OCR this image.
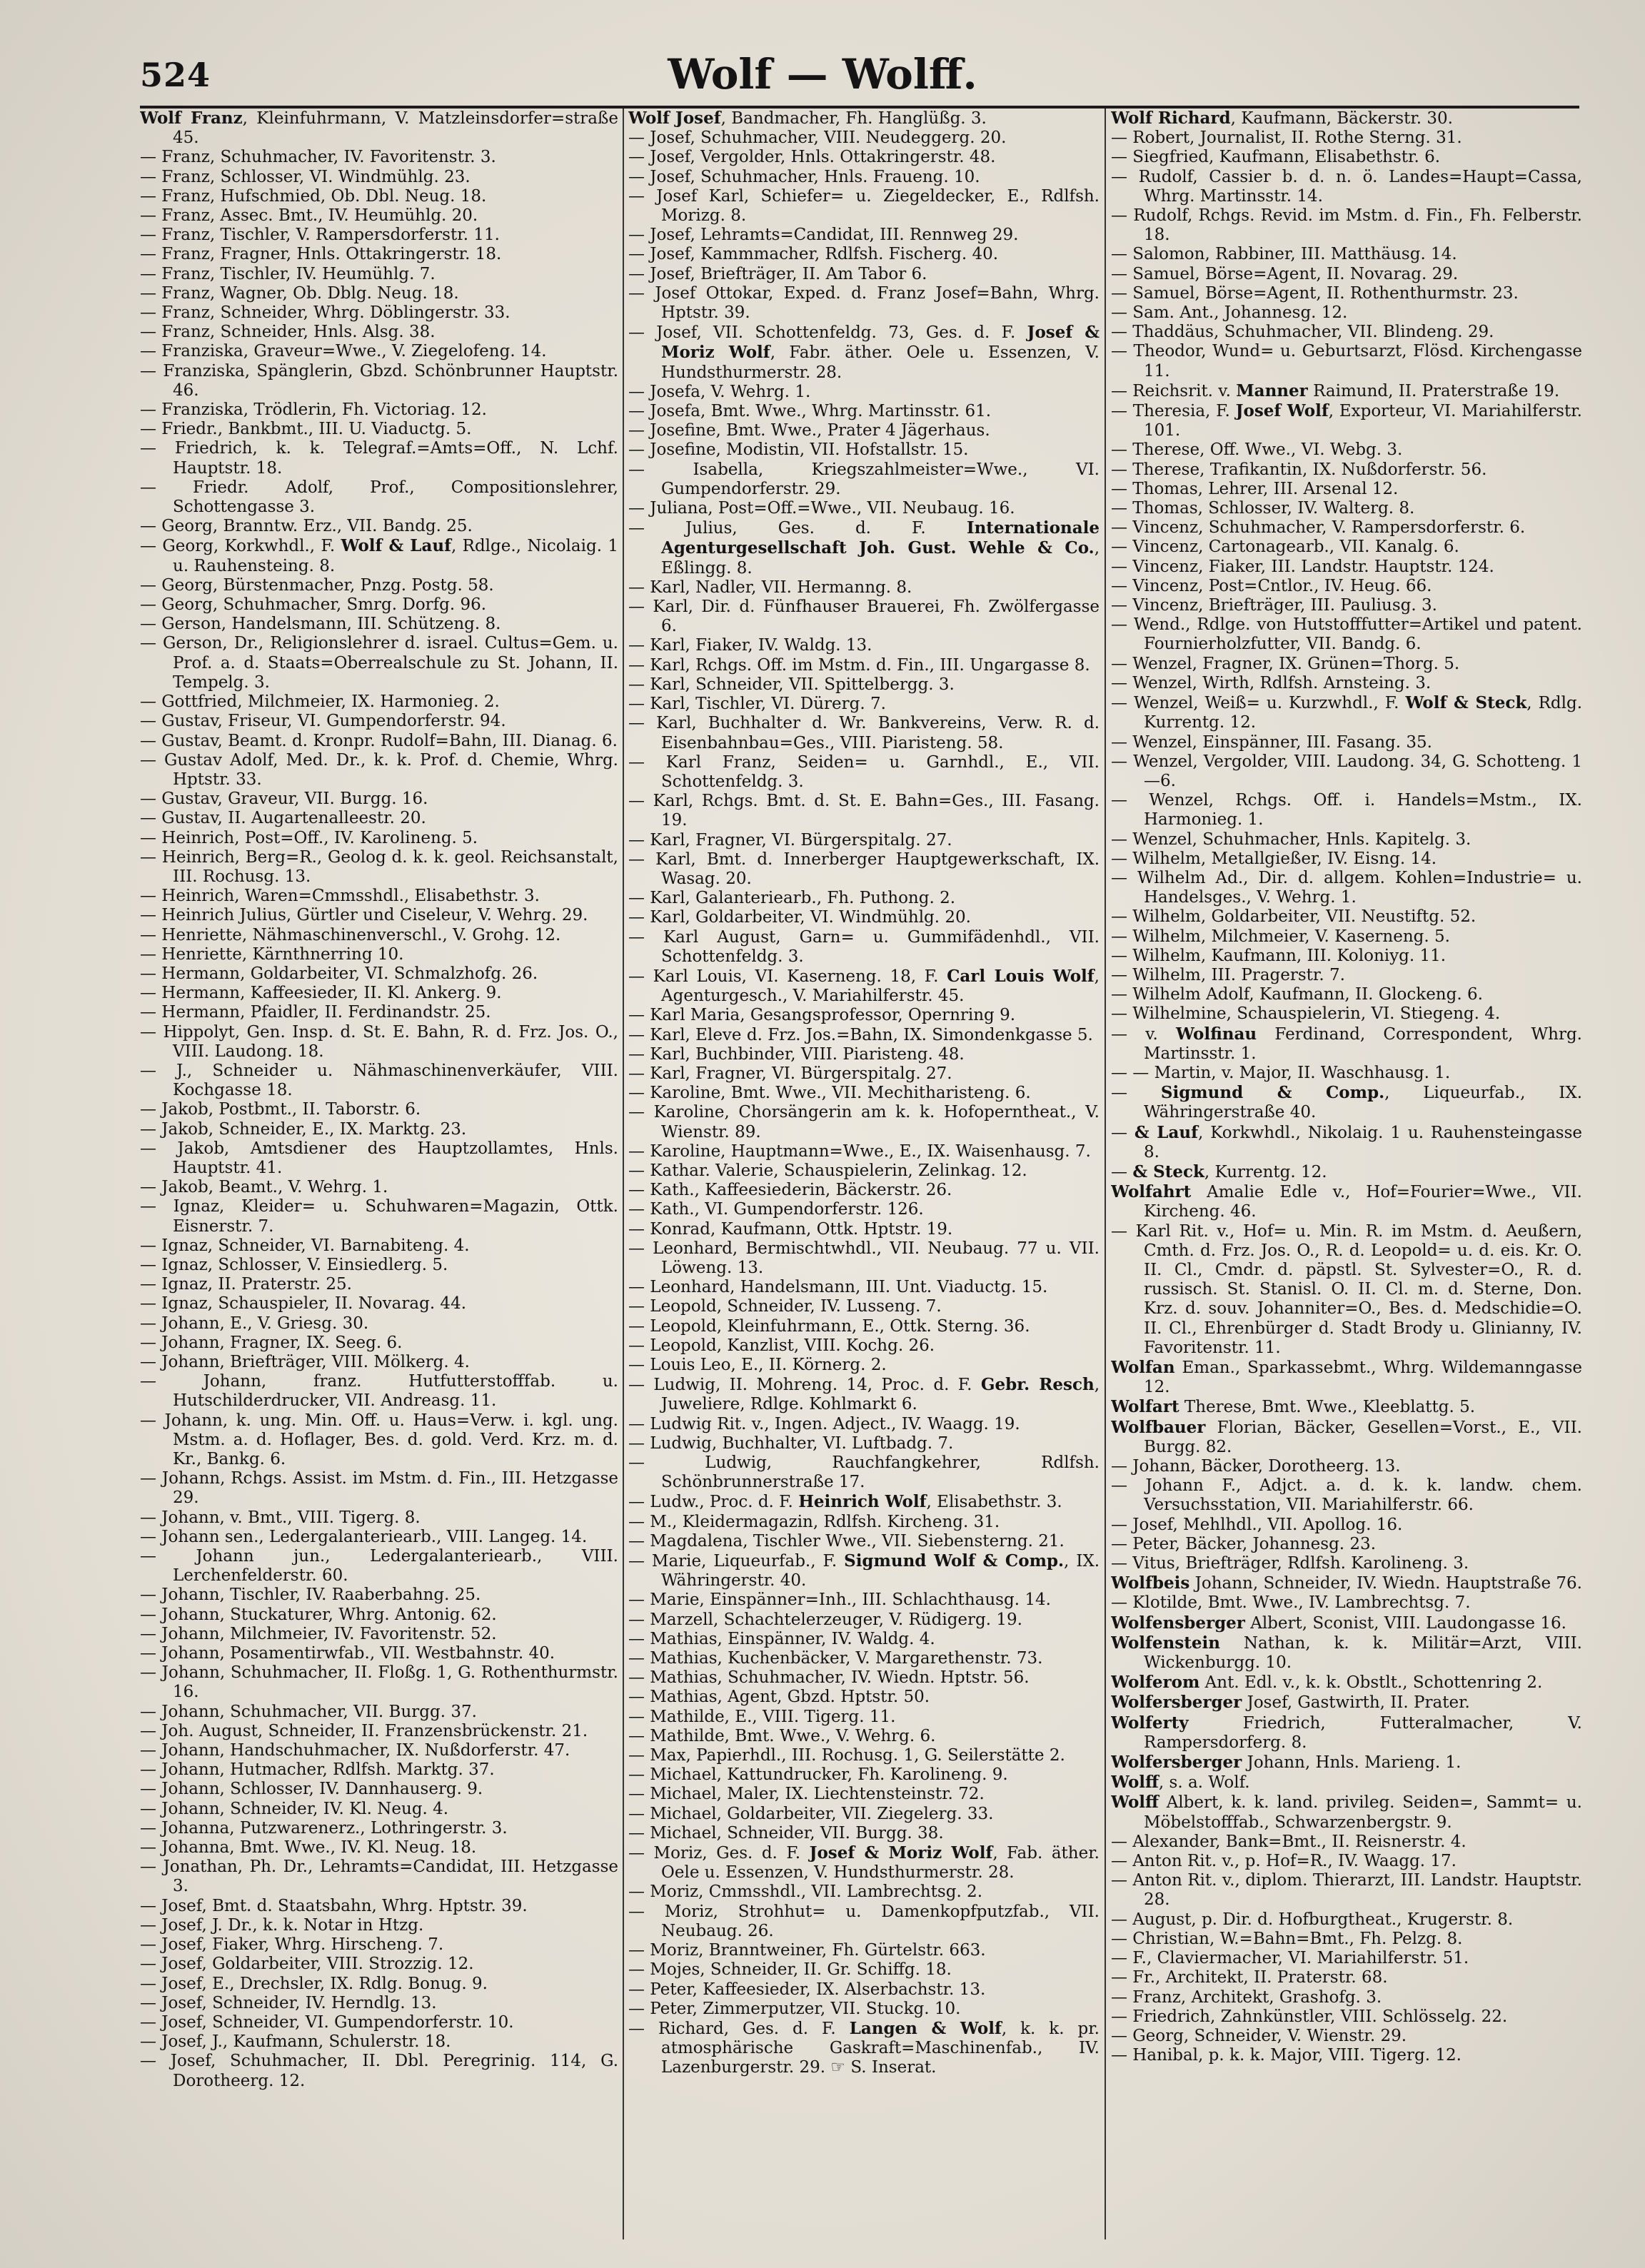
524	Wolf — Wolff.
Wolf Franz, Kleinfuhrmann, V. Matzleinsdorfer=straße 45.
— Franz, Schuhmacher, IV. Favoritenstr. 3.
— Franz, Schlosser, VI. Windmühlg. 23.
— Franz, Hufschmied, Ob. Dbl. Neug. 18.
— Franz, Assec. Bmt., IV. Heumühlg. 20.
— Franz, Tischler, V. Rampersdorferstr. 11.
— Franz, Fragner, Hnls. Ottakringerstr. 18.
— Franz, Tischler, IV. Heumühlg. 7.
— Franz, Wagner, Ob. Dblg. Neug. 18.
— Franz, Schneider, Whrg. Döblingerstr. 33.
— Franz, Schneider, Hnls. Alsg. 38.
— Franziska, Graveur=Wwe., V. Ziegelofeng. 14.
— Franziska, Spänglerin, Gbzd. Schönbrunner Hauptstr. 46.
— Franziska, Trödlerin, Fh. Victoriag. 12.
— Friedr., Bankbmt., III. U. Viaductg. 5.
— Friedrich, k. k. Telegraf.=Amts=Off., N. Lchf. Hauptstr. 18.
— Friedr. Adolf, Prof., Compositionslehrer, Schottengasse 3.
— Georg, Branntw. Erz., VII. Bandg. 25.
— Georg, Korkwhdl., F. Wolf & Lauf, Rdlge., Nicolaig. 1 u. Rauhensteing. 8.
— Georg, Bürstenmacher, Pnzg. Postg. 58.
— Georg, Schuhmacher, Smrg. Dorfg. 96.
— Gerson, Handelsmann, III. Schützeng. 8.
— Gerson, Dr., Religionslehrer d. israel. Cultus=Gem. u. Prof. a. d. Staats=Oberrealschule zu St. Johann, II. Tempelg. 3.
— Gottfried, Milchmeier, IX. Harmonieg. 2.
— Gustav, Friseur, VI. Gumpendorferstr. 94.
— Gustav, Beamt. d. Kronpr. Rudolf=Bahn, III. Dianag. 6.
— Gustav Adolf, Med. Dr., k. k. Prof. d. Chemie, Whrg. Hptstr. 33.
— Gustav, Graveur, VII. Burgg. 16.
— Gustav, II. Augartenalleestr. 20.
— Heinrich, Post=Off., IV. Karolineng. 5.
— Heinrich, Berg=R., Geolog d. k. k. geol. Reichsanstalt, III. Rochusg. 13.
— Heinrich, Waren=Cmmsshdl., Elisabethstr. 3.
— Heinrich Julius, Gürtler und Ciseleur, V. Wehrg. 29.
— Henriette, Nähmaschinenverschl., V. Grohg. 12.
— Henriette, Kärnthnerring 10.
— Hermann, Goldarbeiter, VI. Schmalzhofg. 26.
— Hermann, Kaffeesieder, II. Kl. Ankerg. 9.
— Hermann, Pfaidler, II. Ferdinandstr. 25.
— Hippolyt, Gen. Insp. d. St. E. Bahn, R. d. Frz. Jos. O., VIII. Laudong. 18.
— J., Schneider u. Nähmaschinenverkäufer, VIII. Kochgasse 18.
— Jakob, Postbmt., II. Taborstr. 6.
— Jakob, Schneider, E., IX. Marktg. 23.
— Jakob, Amtsdiener des Hauptzollamtes, Hnls. Hauptstr. 41.
— Jakob, Beamt., V. Wehrg. 1.
— Ignaz, Kleider= u. Schuhwaren=Magazin, Ottk. Eisnerstr. 7.
— Ignaz, Schneider, VI. Barnabiteng. 4.
— Ignaz, Schlosser, V. Einsiedlerg. 5.
— Ignaz, II. Praterstr. 25.
— Ignaz, Schauspieler, II. Novarag. 44.
— Johann, E., V. Griesg. 30.
— Johann, Fragner, IX. Seeg. 6.
— Johann, Briefträger, VIII. Mölkerg. 4.
— Johann, franz. Hutfutterstofffab. u. Hutschilderdrucker, VII. Andreasg. 11.
— Johann, k. ung. Min. Off. u. Haus=Verw. i. kgl. ung. Mstm. a. d. Hoflager, Bes. d. gold. Verd. Krz. m. d. Kr., Bankg. 6.
— Johann, Rchgs. Assist. im Mstm. d. Fin., III. Hetzgasse 29.
— Johann, v. Bmt., VIII. Tigerg. 8.
— Johann sen., Ledergalanteriearb., VIII. Langeg. 14.
— Johann jun., Ledergalanteriearb., VIII. Lerchenfelderstr. 60.
— Johann, Tischler, IV. Raaberbahng. 25.
— Johann, Stuckaturer, Whrg. Antonig. 62.
— Johann, Milchmeier, IV. Favoritenstr. 52.
— Johann, Posamentirwfab., VII. Westbahnstr. 40.
— Johann, Schuhmacher, II. Floßg. 1, G. Rothenthurmstr. 16.
— Johann, Schuhmacher, VII. Burgg. 37.
— Joh. August, Schneider, II. Franzensbrückenstr. 21.
— Johann, Handschuhmacher, IX. Nußdorferstr. 47.
— Johann, Hutmacher, Rdlfsh. Marktg. 37.
— Johann, Schlosser, IV. Dannhauserg. 9.
— Johann, Schneider, IV. Kl. Neug. 4.
— Johanna, Putzwarenerz., Lothringerstr. 3.
— Johanna, Bmt. Wwe., IV. Kl. Neug. 18.
— Jonathan, Ph. Dr., Lehramts=Candidat, III. Hetzgasse 3.
— Josef, Bmt. d. Staatsbahn, Whrg. Hptstr. 39.
— Josef, J. Dr., k. k. Notar in Htzg.
— Josef, Fiaker, Whrg. Hirscheng. 7.
— Josef, Goldarbeiter, VIII. Strozzig. 12.
— Josef, E., Drechsler, IX. Rdlg. Bonug. 9.
— Josef, Schneider, IV. Herndlg. 13.
— Josef, Schneider, VI. Gumpendorferstr. 10.
— Josef, J., Kaufmann, Schulerstr. 18.
— Josef, Schuhmacher, II. Dbl. Peregrinig. 114, G. Dorotheerg. 12.
Wolf Josef, Bandmacher, Fh. Hanglüßg. 3.
— Josef, Schuhmacher, VIII. Neudeggerg. 20.
— Josef, Vergolder, Hnls. Ottakringerstr. 48.
— Josef, Schuhmacher, Hnls. Fraueng. 10.
— Josef Karl, Schiefer= u. Ziegeldecker, E., Rdlfsh. Morizg. 8.
— Josef, Lehramts=Candidat, III. Rennweg 29.
— Josef, Kammmacher, Rdlfsh. Fischerg. 40.
— Josef, Briefträger, II. Am Tabor 6.
— Josef Ottokar, Exped. d. Franz Josef=Bahn, Whrg. Hptstr. 39.
— Josef, VII. Schottenfeldg. 73, Ges. d. F. Josef & Moriz Wolf, Fabr. äther. Oele u. Essenzen, V. Hundsthurmerstr. 28.
— Josefa, V. Wehrg. 1.
— Josefa, Bmt. Wwe., Whrg. Martinsstr. 61.
— Josefine, Bmt. Wwe., Prater 4 Jägerhaus.
— Josefine, Modistin, VII. Hofstallstr. 15.
— Isabella, Kriegszahlmeister=Wwe., VI. Gumpendorferstr. 29.
— Juliana, Post=Off.=Wwe., VII. Neubaug. 16.
— Julius, Ges. d. F. Internationale Agenturgesellschaft Joh. Gust. Wehle & Co., Eßlingg. 8.
— Karl, Nadler, VII. Hermanng. 8.
— Karl, Dir. d. Fünfhauser Brauerei, Fh. Zwölfergasse 6.
— Karl, Fiaker, IV. Waldg. 13.
— Karl, Rchgs. Off. im Mstm. d. Fin., III. Ungargasse 8.
— Karl, Schneider, VII. Spittelbergg. 3.
— Karl, Tischler, VI. Dürerg. 7.
— Karl, Buchhalter d. Wr. Bankvereins, Verw. R. d. Eisenbahnbau=Ges., VIII. Piaristeng. 58.
— Karl Franz, Seiden= u. Garnhdl., E., VII. Schottenfeldg. 3.
— Karl, Rchgs. Bmt. d. St. E. Bahn=Ges., III. Fasang. 19.
— Karl, Fragner, VI. Bürgerspitalg. 27.
— Karl, Bmt. d. Innerberger Hauptgewerkschaft, IX. Wasag. 20.
— Karl, Galanteriearb., Fh. Puthong. 2.
— Karl, Goldarbeiter, VI. Windmühlg. 20.
— Karl August, Garn= u. Gummifädenhdl., VII. Schottenfeldg. 3.
— Karl Louis, VI. Kaserneng. 18, F. Carl Louis Wolf, Agenturgesch., V. Mariahilferstr. 45.
— Karl Maria, Gesangsprofessor, Opernring 9.
— Karl, Eleve d. Frz. Jos.=Bahn, IX. Simondenkgasse 5.
— Karl, Buchbinder, VIII. Piaristeng. 48.
— Karl, Fragner, VI. Bürgerspitalg. 27.
— Karoline, Bmt. Wwe., VII. Mechitharisteng. 6.
— Karoline, Chorsängerin am k. k. Hofoperntheat., V. Wienstr. 89.
— Karoline, Hauptmann=Wwe., E., IX. Waisenhausg. 7.
— Kathar. Valerie, Schauspielerin, Zelinkag. 12.
— Kath., Kaffeesiederin, Bäckerstr. 26.
— Kath., VI. Gumpendorferstr. 126.
— Konrad, Kaufmann, Ottk. Hptstr. 19.
— Leonhard, Bermischtwhdl., VII. Neubaug. 77 u. VII. Löweng. 13.
— Leonhard, Handelsmann, III. Unt. Viaductg. 15.
— Leopold, Schneider, IV. Lusseng. 7.
— Leopold, Kleinfuhrmann, E., Ottk. Sterng. 36.
— Leopold, Kanzlist, VIII. Kochg. 26.
— Louis Leo, E., II. Körnerg. 2.
— Ludwig, II. Mohreng. 14, Proc. d. F. Gebr. Resch, Juweliere, Rdlge. Kohlmarkt 6.
— Ludwig Rit. v., Ingen. Adject., IV. Waagg. 19.
— Ludwig, Buchhalter, VI. Luftbadg. 7.
— Ludwig, Rauchfangkehrer, Rdlfsh. Schönbrunnerstraße 17.
— Ludw., Proc. d. F. Heinrich Wolf, Elisabethstr. 3.
— M., Kleidermagazin, Rdlfsh. Kircheng. 31.
— Magdalena, Tischler Wwe., VII. Siebensterng. 21.
— Marie, Liqueurfab., F. Sigmund Wolf & Comp., IX. Währingerstr. 40.
— Marie, Einspänner=Inh., III. Schlachthausg. 14.
— Marzell, Schachtelerzeuger, V. Rüdigerg. 19.
— Mathias, Einspänner, IV. Waldg. 4.
— Mathias, Kuchenbäcker, V. Margarethenstr. 73.
— Mathias, Schuhmacher, IV. Wiedn. Hptstr. 56.
— Mathias, Agent, Gbzd. Hptstr. 50.
— Mathilde, E., VIII. Tigerg. 11.
— Mathilde, Bmt. Wwe., V. Wehrg. 6.
— Max, Papierhdl., III. Rochusg. 1, G. Seilerstätte 2.
— Michael, Kattundrucker, Fh. Karolineng. 9.
— Michael, Maler, IX. Liechtensteinstr. 72.
— Michael, Goldarbeiter, VII. Ziegelerg. 33.
— Michael, Schneider, VII. Burgg. 38.
— Moriz, Ges. d. F. Josef & Moriz Wolf, Fab. äther. Oele u. Essenzen, V. Hundsthurmerstr. 28.
— Moriz, Cmmsshdl., VII. Lambrechtsg. 2.
— Moriz, Strohhut= u. Damenkopfputzfab., VII. Neubaug. 26.
— Moriz, Branntweiner, Fh. Gürtelstr. 663.
— Mojes, Schneider, II. Gr. Schiffg. 18.
— Peter, Kaffeesieder, IX. Alserbachstr. 13.
— Peter, Zimmerputzer, VII. Stuckg. 10.
— Richard, Ges. d. F. Langen & Wolf, k. k. pr. atmosphärische Gaskraft=Maschinenfab., IV. Lazenburgerstr. 29. ☞ S. Inserat.
Wolf Richard, Kaufmann, Bäckerstr. 30.
— Robert, Journalist, II. Rothe Sterng. 31.
— Siegfried, Kaufmann, Elisabethstr. 6.
— Rudolf, Cassier b. d. n. ö. Landes=Haupt=Cassa, Whrg. Martinsstr. 14.
— Rudolf, Rchgs. Revid. im Mstm. d. Fin., Fh. Felberstr. 18.
— Salomon, Rabbiner, III. Matthäusg. 14.
— Samuel, Börse=Agent, II. Novarag. 29.
— Samuel, Börse=Agent, II. Rothenthurmstr. 23.
— Sam. Ant., Johannesg. 12.
— Thaddäus, Schuhmacher, VII. Blindeng. 29.
— Theodor, Wund= u. Geburtsarzt, Flösd. Kirchengasse 11.
— Reichsrit. v. Manner Raimund, II. Praterstraße 19.
— Theresia, F. Josef Wolf, Exporteur, VI. Mariahilferstr. 101.
— Therese, Off. Wwe., VI. Webg. 3.
— Therese, Trafikantin, IX. Nußdorferstr. 56.
— Thomas, Lehrer, III. Arsenal 12.
— Thomas, Schlosser, IV. Walterg. 8.
— Vincenz, Schuhmacher, V. Rampersdorferstr. 6.
— Vincenz, Cartonagearb., VII. Kanalg. 6.
— Vincenz, Fiaker, III. Landstr. Hauptstr. 124.
— Vincenz, Post=Cntlor., IV. Heug. 66.
— Vincenz, Briefträger, III. Pauliusg. 3.
— Wend., Rdlge. von Hutstofffutter=Artikel und patent. Fournierholzfutter, VII. Bandg. 6.
— Wenzel, Fragner, IX. Grünen=Thorg. 5.
— Wenzel, Wirth, Rdlfsh. Arnsteing. 3.
— Wenzel, Weiß= u. Kurzwhdl., F. Wolf & Steck, Rdlg. Kurrentg. 12.
— Wenzel, Einspänner, III. Fasang. 35.
— Wenzel, Vergolder, VIII. Laudong. 34, G. Schotteng. 1—6.
— Wenzel, Rchgs. Off. i. Handels=Mstm., IX. Harmonieg. 1.
— Wenzel, Schuhmacher, Hnls. Kapitelg. 3.
— Wilhelm, Metallgießer, IV. Eisng. 14.
— Wilhelm Ad., Dir. d. allgem. Kohlen=Industrie= u. Handelsges., V. Wehrg. 1.
— Wilhelm, Goldarbeiter, VII. Neustiftg. 52.
— Wilhelm, Milchmeier, V. Kaserneng. 5.
— Wilhelm, Kaufmann, III. Koloniyg. 11.
— Wilhelm, III. Pragerstr. 7.
— Wilhelm Adolf, Kaufmann, II. Glockeng. 6.
— Wilhelmine, Schauspielerin, VI. Stiegeng. 4.
— v. Wolfinau Ferdinand, Correspondent, Whrg. Martinsstr. 1.
— — Martin, v. Major, II. Waschhausg. 1.
— Sigmund & Comp., Liqueurfab., IX. Währingerstraße 40.
— & Lauf, Korkwhdl., Nikolaig. 1 u. Rauhensteingasse 8.
— & Steck, Kurrentg. 12.
Wolfahrt Amalie Edle v., Hof=Fourier=Wwe., VII. Kircheng. 46.
— Karl Rit. v., Hof= u. Min. R. im Mstm. d. Aeußern, Cmth. d. Frz. Jos. O., R. d. Leopold= u. d. eis. Kr. O. II. Cl., Cmdr. d. päpstl. St. Sylvester=O., R. d. russisch. St. Stanisl. O. II. Cl. m. d. Sterne, Don. Krz. d. souv. Johanniter=O., Bes. d. Medschidie=O. II. Cl., Ehrenbürger d. Stadt Brody u. Glinianny, IV. Favoritenstr. 11.
Wolfan Eman., Sparkassebmt., Whrg. Wildemanngasse 12.
Wolfart Therese, Bmt. Wwe., Kleeblattg. 5.
Wolfbauer Florian, Bäcker, Gesellen=Vorst., E., VII. Burgg. 82.
— Johann, Bäcker, Dorotheerg. 13.
— Johann F., Adjct. a. d. k. k. landw. chem. Versuchsstation, VII. Mariahilferstr. 66.
— Josef, Mehlhdl., VII. Apollog. 16.
— Peter, Bäcker, Johannesg. 23.
— Vitus, Briefträger, Rdlfsh. Karolineng. 3.
Wolfbeis Johann, Schneider, IV. Wiedn. Hauptstraße 76.
— Klotilde, Bmt. Wwe., IV. Lambrechtsg. 7.
Wolfensberger Albert, Sconist, VIII. Laudongasse 16.
Wolfenstein Nathan, k. k. Militär=Arzt, VIII. Wickenburgg. 10.
Wolferom Ant. Edl. v., k. k. Obstlt., Schottenring 2.
Wolfersberger Josef, Gastwirth, II. Prater.
Wolferty Friedrich, Futteralmacher, V. Rampersdorferg. 8.
Wolfersberger Johann, Hnls. Marieng. 1.
Wolff, s. a. Wolf.
Wolff Albert, k. k. land. privileg. Seiden=, Sammt= u. Möbelstofffab., Schwarzenbergstr. 9.
— Alexander, Bank=Bmt., II. Reisnerstr. 4.
— Anton Rit. v., p. Hof=R., IV. Waagg. 17.
— Anton Rit. v., diplom. Thierarzt, III. Landstr. Hauptstr. 28.
— August, p. Dir. d. Hofburgtheat., Krugerstr. 8.
— Christian, W.=Bahn=Bmt., Fh. Pelzg. 8.
— F., Claviermacher, VI. Mariahilferstr. 51.
— Fr., Architekt, II. Praterstr. 68.
— Franz, Architekt, Grashofg. 3.
— Friedrich, Zahnkünstler, VIII. Schlösselg. 22.
— Georg, Schneider, V. Wienstr. 29.
— Hanibal, p. k. k. Major, VIII. Tigerg. 12.
